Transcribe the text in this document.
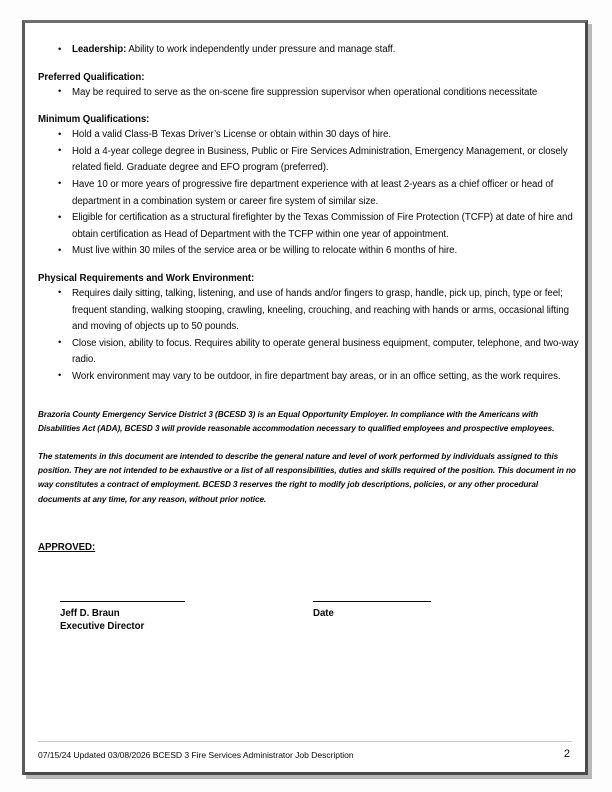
• Leadership: Ability to work independently under pressure and manage staff.
Preferred Qualification:
• May be required to serve as the on-scene fire suppression supervisor when operational conditions necessitate
Minimum Qualifications:
• Hold a valid Class-B Texas Driver’s License or obtain within 30 days of hire.
• Hold a 4-year college degree in Business, Public or Fire Services Administration, Emergency Management, or closely related field. Graduate degree and EFO program (preferred).
• Have 10 or more years of progressive fire department experience with at least 2-years as a chief officer or head of department in a combination system or career fire system of similar size.
• Eligible for certification as a structural firefighter by the Texas Commission of Fire Protection (TCFP) at date of hire and obtain certification as Head of Department with the TCFP within one year of appointment.
• Must live within 30 miles of the service area or be willing to relocate within 6 months of hire.
Physical Requirements and Work Environment:
• Requires daily sitting, talking, listening, and use of hands and/or fingers to grasp, handle, pick up, pinch, type or feel; frequent standing, walking stooping, crawling, kneeling, crouching, and reaching with hands or arms, occasional lifting and moving of objects up to 50 pounds.
• Close vision, ability to focus. Requires ability to operate general business equipment, computer, telephone, and two-way radio.
• Work environment may vary to be outdoor, in fire department bay areas, or in an office setting, as the work requires.

Brazoria County Emergency Service District 3 (BCESD 3) is an Equal Opportunity Employer. In compliance with the Americans with Disabilities Act (ADA), BCESD 3 will provide reasonable accommodation necessary to qualified employees and prospective employees.

The statements in this document are intended to describe the general nature and level of work performed by individuals assigned to this position. They are not intended to be exhaustive or a list of all responsibilities, duties and skills required of the position. This document in no way constitutes a contract of employment. BCESD 3 reserves the right to modify job descriptions, policies, or any other procedural documents at any time, for any reason, without prior notice.

APPROVED:
Jeff D. Braun
Executive Director
Date
07/15/24 Updated 03/08/2026 BCESD 3 Fire Services Administrator Job Description	2
